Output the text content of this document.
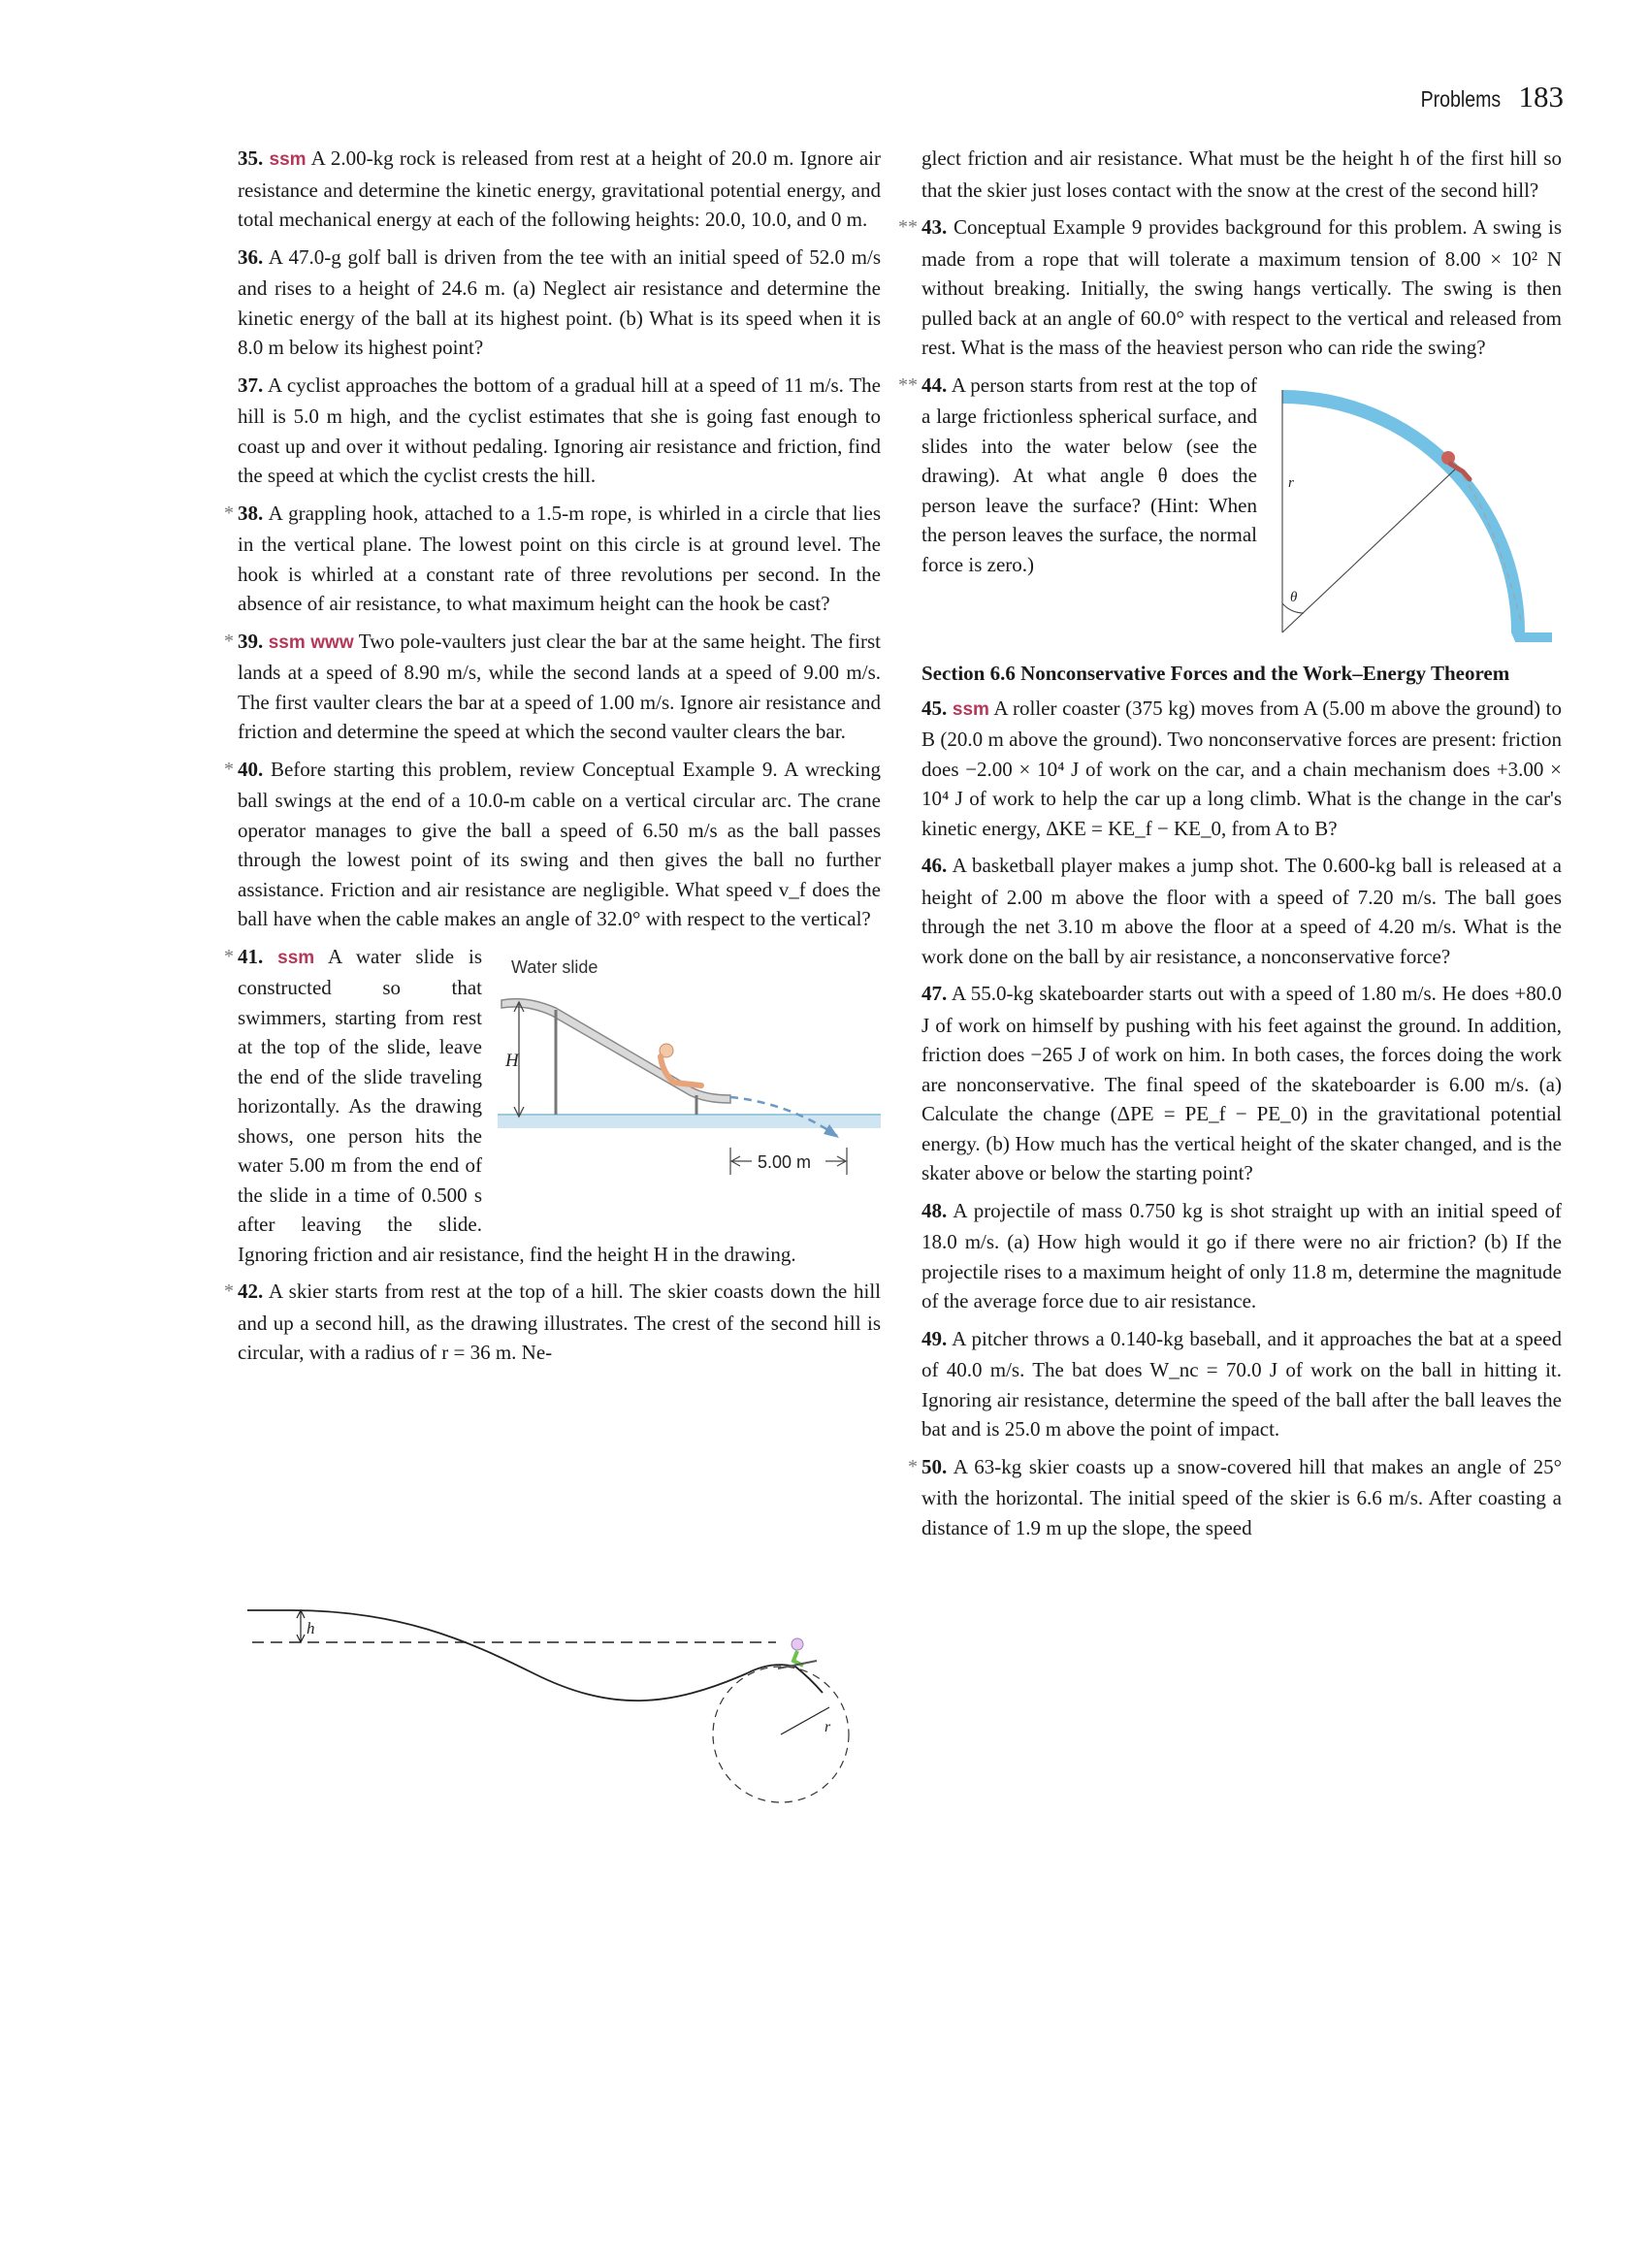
Problems 183
35. ssm A 2.00-kg rock is released from rest at a height of 20.0 m. Ignore air resistance and determine the kinetic energy, gravitational potential energy, and total mechanical energy at each of the following heights: 20.0, 10.0, and 0 m.
36. A 47.0-g golf ball is driven from the tee with an initial speed of 52.0 m/s and rises to a height of 24.6 m. (a) Neglect air resistance and determine the kinetic energy of the ball at its highest point. (b) What is its speed when it is 8.0 m below its highest point?
37. A cyclist approaches the bottom of a gradual hill at a speed of 11 m/s. The hill is 5.0 m high, and the cyclist estimates that she is going fast enough to coast up and over it without pedaling. Ignoring air resistance and friction, find the speed at which the cyclist crests the hill.
* 38. A grappling hook, attached to a 1.5-m rope, is whirled in a circle that lies in the vertical plane. The lowest point on this circle is at ground level. The hook is whirled at a constant rate of three revolutions per second. In the absence of air resistance, to what maximum height can the hook be cast?
* 39. ssm www Two pole-vaulters just clear the bar at the same height. The first lands at a speed of 8.90 m/s, while the second lands at a speed of 9.00 m/s. The first vaulter clears the bar at a speed of 1.00 m/s. Ignore air resistance and friction and determine the speed at which the second vaulter clears the bar.
* 40. Before starting this problem, review Conceptual Example 9. A wrecking ball swings at the end of a 10.0-m cable on a vertical circular arc. The crane operator manages to give the ball a speed of 6.50 m/s as the ball passes through the lowest point of its swing and then gives the ball no further assistance. Friction and air resistance are negligible. What speed v_f does the ball have when the cable makes an angle of 32.0° with respect to the vertical?
Water slide
H
5.00 m
* 41. ssm A water slide is constructed so that swimmers, starting from rest at the top of the slide, leave the end of the slide traveling horizontally. As the drawing shows, one person hits the water 5.00 m from the end of the slide in a time of 0.500 s after leaving the slide. Ignoring friction and air resistance, find the height H in the drawing.
* 42. A skier starts from rest at the top of a hill. The skier coasts down the hill and up a second hill, as the drawing illustrates. The crest of the second hill is circular, with a radius of r = 36 m. Ne-
h
r
glect friction and air resistance. What must be the height h of the first hill so that the skier just loses contact with the snow at the crest of the second hill?
** 43. Conceptual Example 9 provides background for this problem. A swing is made from a rope that will tolerate a maximum tension of 8.00 × 10² N without breaking. Initially, the swing hangs vertically. The swing is then pulled back at an angle of 60.0° with respect to the vertical and released from rest. What is the mass of the heaviest person who can ride the swing?
r
θ
** 44. A person starts from rest at the top of a large frictionless spherical surface, and slides into the water below (see the drawing). At what angle θ does the person leave the surface? (Hint: When the person leaves the surface, the normal force is zero.)
Section 6.6 Nonconservative Forces and the Work–Energy Theorem
45. ssm A roller coaster (375 kg) moves from A (5.00 m above the ground) to B (20.0 m above the ground). Two nonconservative forces are present: friction does −2.00 × 10⁴ J of work on the car, and a chain mechanism does +3.00 × 10⁴ J of work to help the car up a long climb. What is the change in the car's kinetic energy, ΔKE = KE_f − KE_0, from A to B?
46. A basketball player makes a jump shot. The 0.600-kg ball is released at a height of 2.00 m above the floor with a speed of 7.20 m/s. The ball goes through the net 3.10 m above the floor at a speed of 4.20 m/s. What is the work done on the ball by air resistance, a nonconservative force?
47. A 55.0-kg skateboarder starts out with a speed of 1.80 m/s. He does +80.0 J of work on himself by pushing with his feet against the ground. In addition, friction does −265 J of work on him. In both cases, the forces doing the work are nonconservative. The final speed of the skateboarder is 6.00 m/s. (a) Calculate the change (ΔPE = PE_f − PE_0) in the gravitational potential energy. (b) How much has the vertical height of the skater changed, and is the skater above or below the starting point?
48. A projectile of mass 0.750 kg is shot straight up with an initial speed of 18.0 m/s. (a) How high would it go if there were no air friction? (b) If the projectile rises to a maximum height of only 11.8 m, determine the magnitude of the average force due to air resistance.
49. A pitcher throws a 0.140-kg baseball, and it approaches the bat at a speed of 40.0 m/s. The bat does W_nc = 70.0 J of work on the ball in hitting it. Ignoring air resistance, determine the speed of the ball after the ball leaves the bat and is 25.0 m above the point of impact.
* 50. A 63-kg skier coasts up a snow-covered hill that makes an angle of 25° with the horizontal. The initial speed of the skier is 6.6 m/s. After coasting a distance of 1.9 m up the slope, the speed
